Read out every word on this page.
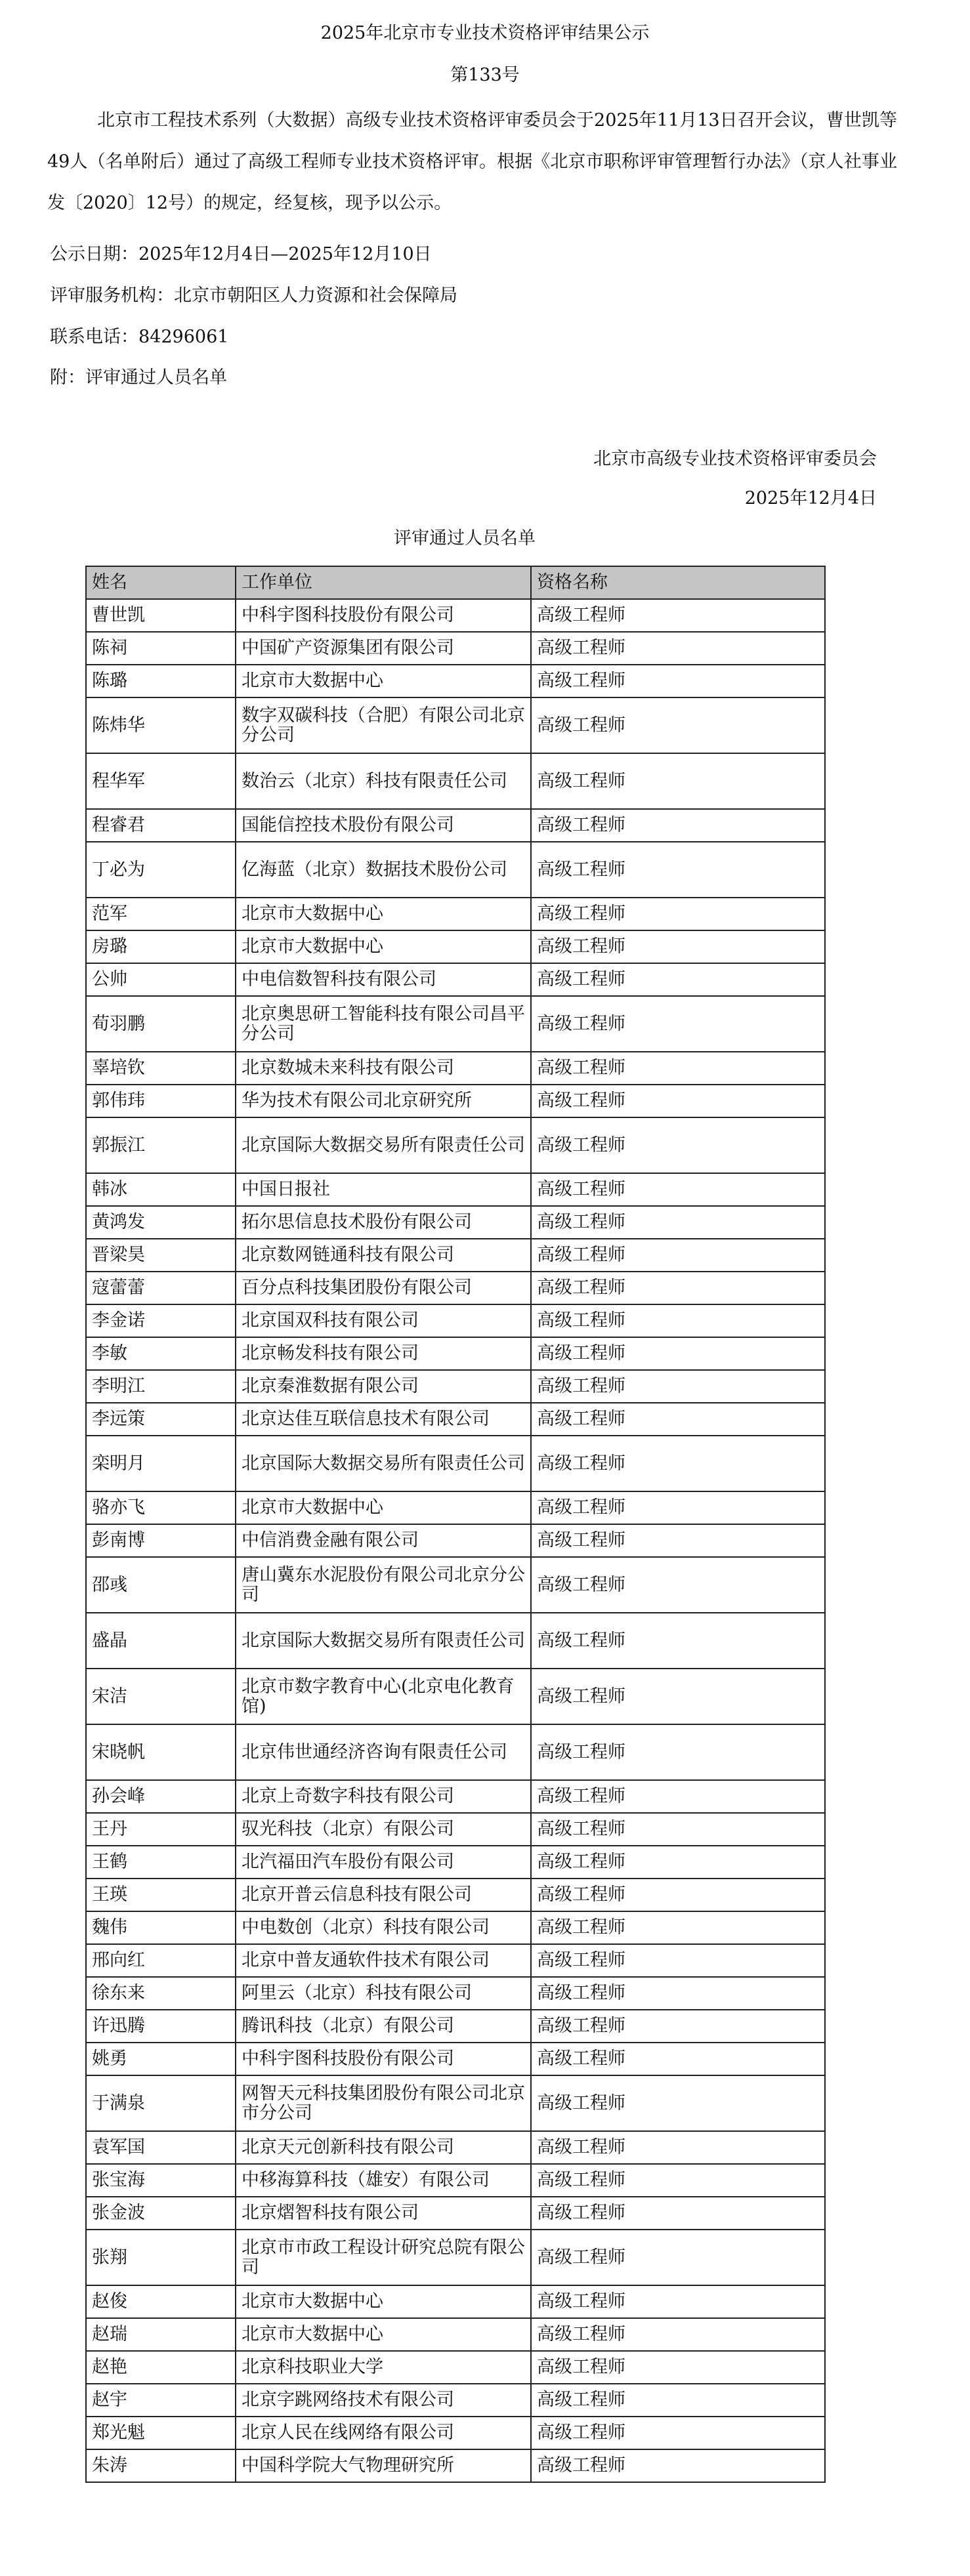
2025年北京市专业技术资格评审结果公示
第133号
北京市工程技术系列（大数据）高级专业技术资格评审委员会于2025年11月13日召开会议，曹世凯等49人（名单附后）通过了高级工程师专业技术资格评审。根据《北京市职称评审管理暂行办法》（京人社事业发〔2020〕12号）的规定，经复核，现予以公示。
公示日期：2025年12月4日—2025年12月10日
评审服务机构：北京市朝阳区人力资源和社会保障局
联系电话：84296061
附：评审通过人员名单
北京市高级专业技术资格评审委员会
2025年12月4日
评审通过人员名单
姓名	工作单位	资格名称
曹世凯	中科宇图科技股份有限公司	高级工程师
陈祠	中国矿产资源集团有限公司	高级工程师
陈璐	北京市大数据中心	高级工程师
陈炜华	数字双碳科技（合肥）有限公司北京分公司	高级工程师
程华军	数治云（北京）科技有限责任公司	高级工程师
程睿君	国能信控技术股份有限公司	高级工程师
丁必为	亿海蓝（北京）数据技术股份公司	高级工程师
范军	北京市大数据中心	高级工程师
房璐	北京市大数据中心	高级工程师
公帅	中电信数智科技有限公司	高级工程师
荀羽鹏	北京奥思研工智能科技有限公司昌平分公司	高级工程师
辜培钦	北京数城未来科技有限公司	高级工程师
郭伟玮	华为技术有限公司北京研究所	高级工程师
郭振江	北京国际大数据交易所有限责任公司	高级工程师
韩冰	中国日报社	高级工程师
黄鸿发	拓尔思信息技术股份有限公司	高级工程师
晋梁昊	北京数网链通科技有限公司	高级工程师
寇蕾蕾	百分点科技集团股份有限公司	高级工程师
李金诺	北京国双科技有限公司	高级工程师
李敏	北京畅发科技有限公司	高级工程师
李明江	北京秦淮数据有限公司	高级工程师
李远策	北京达佳互联信息技术有限公司	高级工程师
栾明月	北京国际大数据交易所有限责任公司	高级工程师
骆亦飞	北京市大数据中心	高级工程师
彭南博	中信消费金融有限公司	高级工程师
邵彧	唐山冀东水泥股份有限公司北京分公司	高级工程师
盛晶	北京国际大数据交易所有限责任公司	高级工程师
宋洁	北京市数字教育中心(北京电化教育馆)	高级工程师
宋晓帆	北京伟世通经济咨询有限责任公司	高级工程师
孙会峰	北京上奇数字科技有限公司	高级工程师
王丹	驭光科技（北京）有限公司	高级工程师
王鹤	北汽福田汽车股份有限公司	高级工程师
王瑛	北京开普云信息科技有限公司	高级工程师
魏伟	中电数创（北京）科技有限公司	高级工程师
邢向红	北京中普友通软件技术有限公司	高级工程师
徐东来	阿里云（北京）科技有限公司	高级工程师
许迅腾	腾讯科技（北京）有限公司	高级工程师
姚勇	中科宇图科技股份有限公司	高级工程师
于满泉	网智天元科技集团股份有限公司北京市分公司	高级工程师
袁军国	北京天元创新科技有限公司	高级工程师
张宝海	中移海算科技（雄安）有限公司	高级工程师
张金波	北京熠智科技有限公司	高级工程师
张翔	北京市市政工程设计研究总院有限公司	高级工程师
赵俊	北京市大数据中心	高级工程师
赵瑞	北京市大数据中心	高级工程师
赵艳	北京科技职业大学	高级工程师
赵宇	北京字跳网络技术有限公司	高级工程师
郑光魁	北京人民在线网络有限公司	高级工程师
朱涛	中国科学院大气物理研究所	高级工程师
